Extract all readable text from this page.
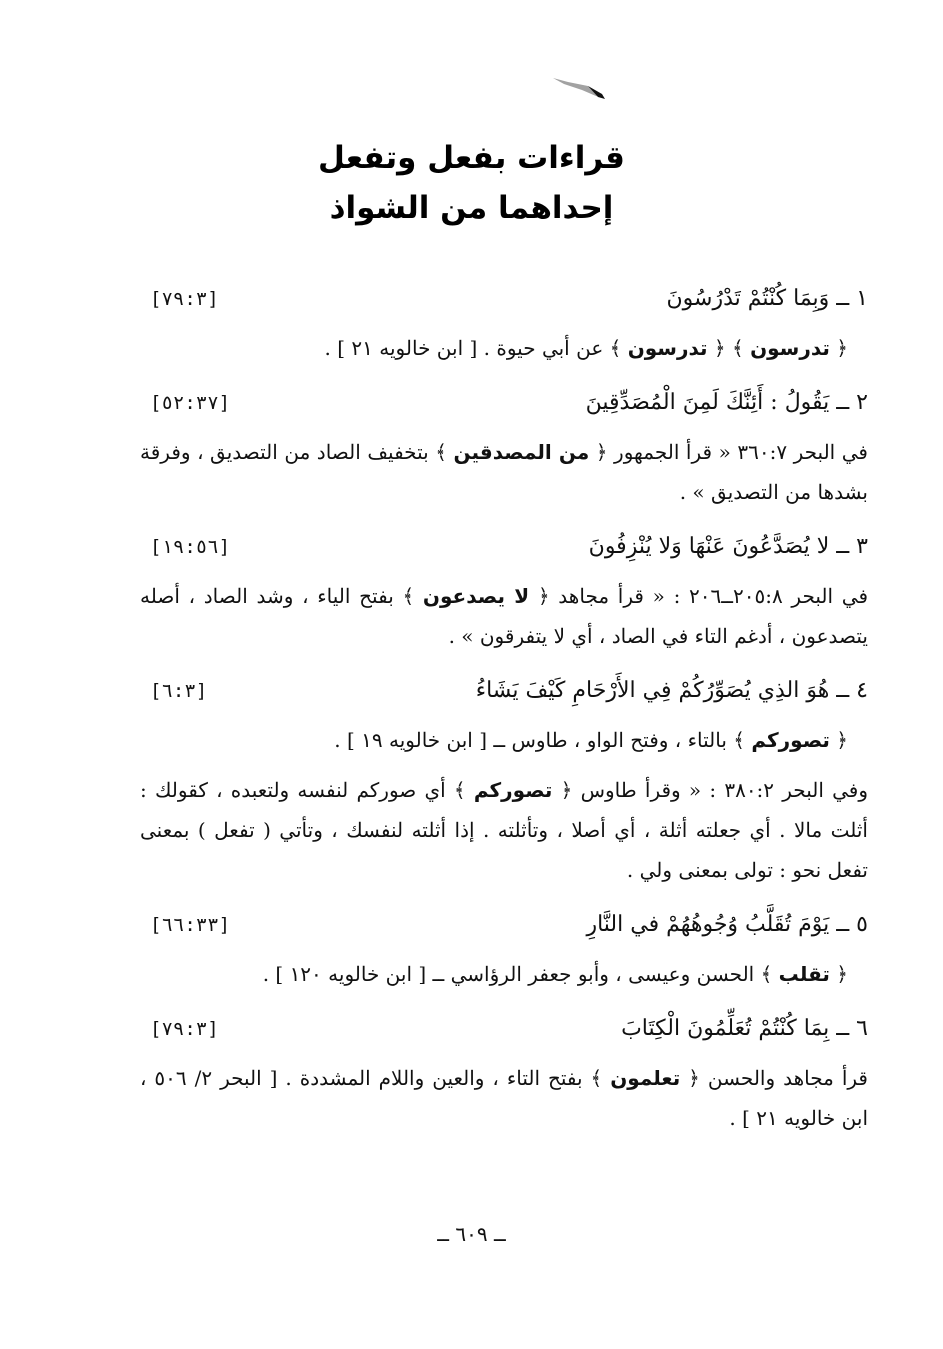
قراءات بفعل وتفعل
إحداهما من الشواذ
١ ــ وَبِمَا كُنْتُمْ تَدْرُسُونَ
[٧٩:٣]

﴿ تدرسون ﴾ ﴿ تدرسون ﴾ عن أبي حيوة . [ ابن خالويه ٢١ ] .

٢ ــ يَقُولُ : أَئِنَّكَ لَمِنَ الْمُصَدِّقِينَ
[٥٢:٣٧]

في البحر ٣٦٠:٧ « قرأ الجمهور ﴿ من المصدقين ﴾ بتخفيف الصاد من التصديق ، وفرقة بشدها من التصديق » .

٣ ــ لا يُصَدَّعُونَ عَنْهَا وَلا يُنْزِفُونَ
[١٩:٥٦]

في البحر ٢٠٥:٨ــ٢٠٦ : « قرأ مجاهد ﴿ لا يصدعون ﴾ بفتح الياء ، وشد الصاد ، أصله يتصدعون ، أدغم التاء في الصاد ، أي لا يتفرقون » .

٤ ــ هُوَ الذِي يُصَوِّرُكُمْ فِي الأَرْحَامِ كَيْفَ يَشَاءُ
[٦:٣]

﴿ تصوركم ﴾ بالتاء ، وفتح الواو ، طاوس ــ [ ابن خالويه ١٩ ] .

وفي البحر ٣٨٠:٢ : « وقرأ طاوس ﴿ تصوركم ﴾ أي صوركم لنفسه ولتعبده ، كقولك : أثلت مالا . أي جعلته أثلة ، أي أصلا ، وتأثلته . إذا أثلته لنفسك ، وتأتي ( تفعل ) بمعنى تفعل نحو : تولى بمعنى ولي .

٥ ــ يَوْمَ تُقَلَّبُ وُجُوهُهُمْ في النَّارِ
[٦٦:٣٣]

﴿ تقلب ﴾ الحسن وعيسى ، وأبو جعفر الرؤاسي ــ [ ابن خالويه ١٢٠ ] .

٦ ــ بِمَا كُنْتُمْ تُعَلِّمُونَ الْكِتَابَ
[٧٩:٣]

قرأ مجاهد والحسن ﴿ تعلمون ﴾ بفتح التاء ، والعين واللام المشددة . [ البحر ٢/ ٥٠٦ ، ابن خالويه ٢١ ] .

ــ ٦٠٩ ــ
